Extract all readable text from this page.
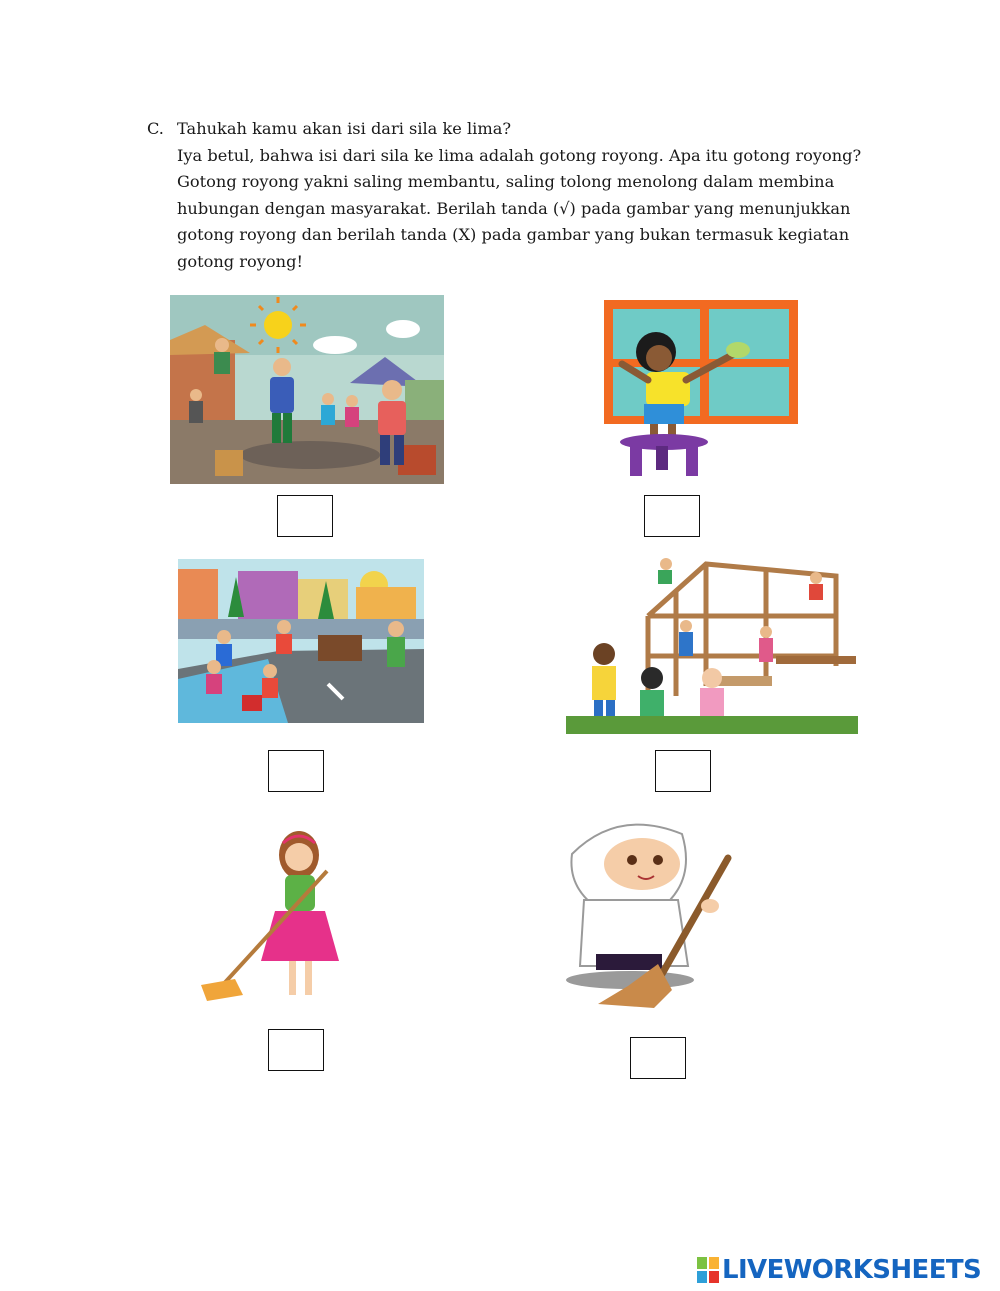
C. Tahukah kamu akan isi dari sila ke lima?
Iya betul, bahwa isi dari sila ke lima adalah gotong royong. Apa itu gotong royong?
Gotong royong yakni saling membantu, saling tolong menolong dalam membina
hubungan dengan masyarakat. Berilah tanda (√) pada gambar yang menunjukkan
gotong royong dan berilah tanda (X) pada gambar yang bukan termasuk kegiatan
gotong royong!
LIVEWORKSHEETS
